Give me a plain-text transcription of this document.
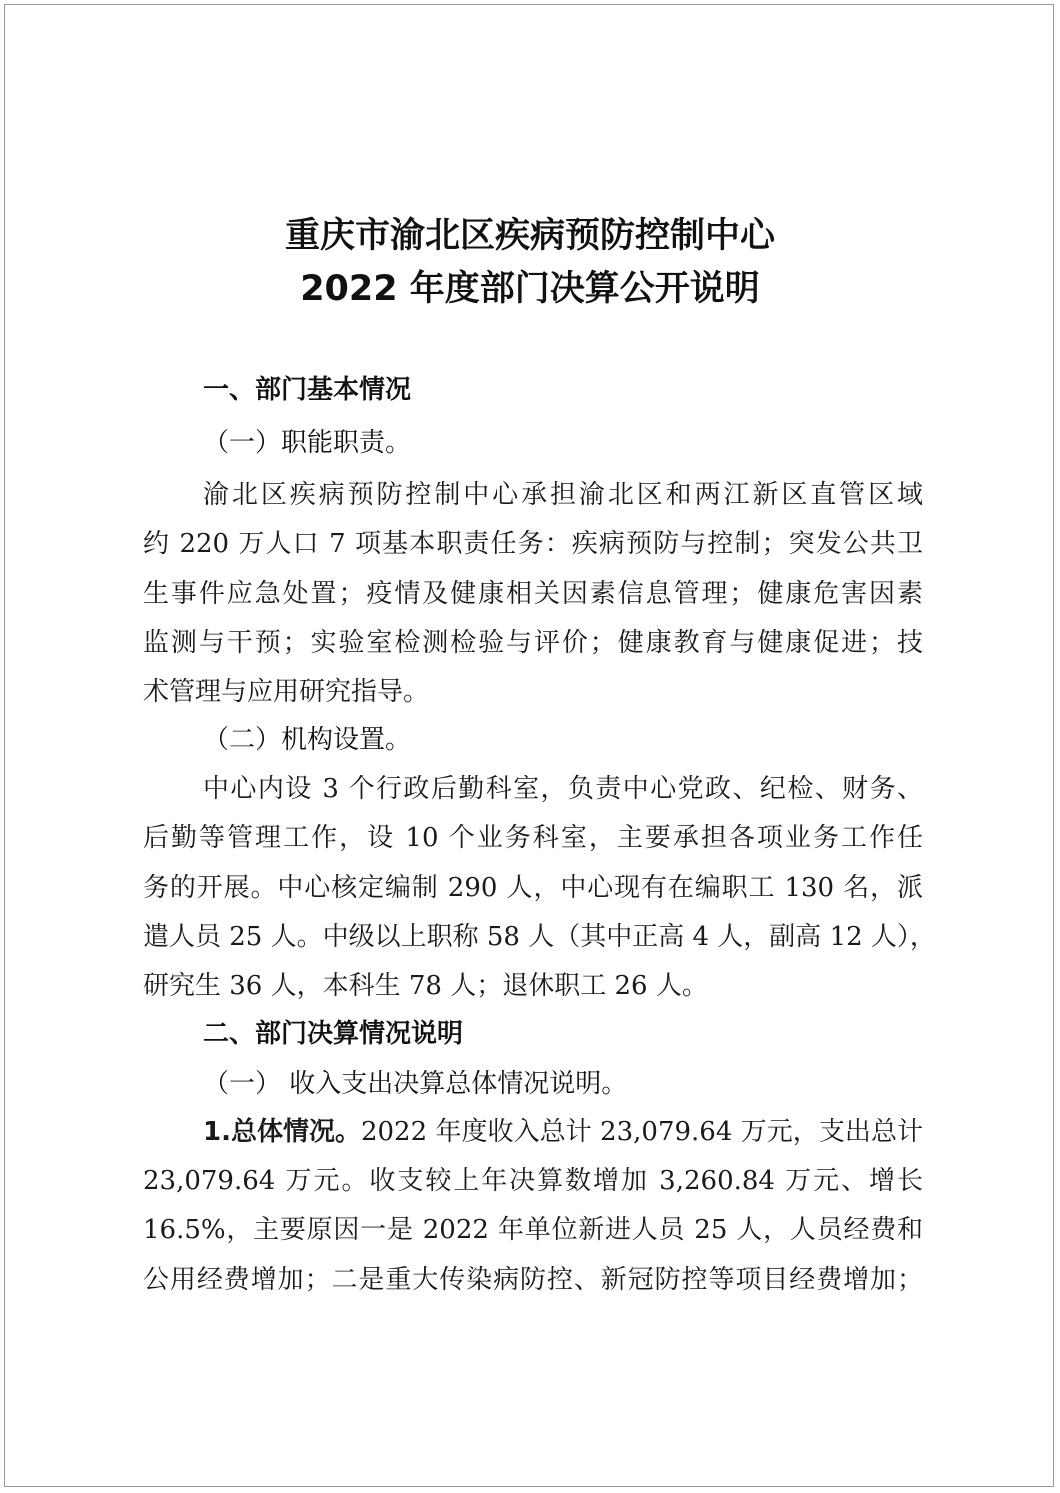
重庆市渝北区疾病预防控制中心
2022 年度部门决算公开说明
一、部门基本情况
（一）职能职责。
渝北区疾病预防控制中心承担渝北区和两江新区直管区域
约 220 万人口 7 项基本职责任务：疾病预防与控制；突发公共卫
生事件应急处置；疫情及健康相关因素信息管理；健康危害因素
监测与干预；实验室检测检验与评价；健康教育与健康促进；技
术管理与应用研究指导。
（二）机构设置。
中心内设 3 个行政后勤科室，负责中心党政、纪检、财务、
后勤等管理工作，设 10 个业务科室，主要承担各项业务工作任
务的开展。中心核定编制 290 人，中心现有在编职工 130 名，派
遣人员 25 人。中级以上职称 58 人（其中正高 4 人，副高 12 人），
研究生 36 人，本科生 78 人；退休职工 26 人。
二、部门决算情况说明
（一） 收入支出决算总体情况说明。
1.总体情况。 2022 年度收入总计 23,079.64 万元，支出总计
23,079.64 万元。收支较上年决算数增加 3,260.84 万元、增长
16.5%，主要原因一是 2022 年单位新进人员 25 人，人员经费和
公用经费增加；二是重大传染病防控、新冠防控等项目经费增加；
